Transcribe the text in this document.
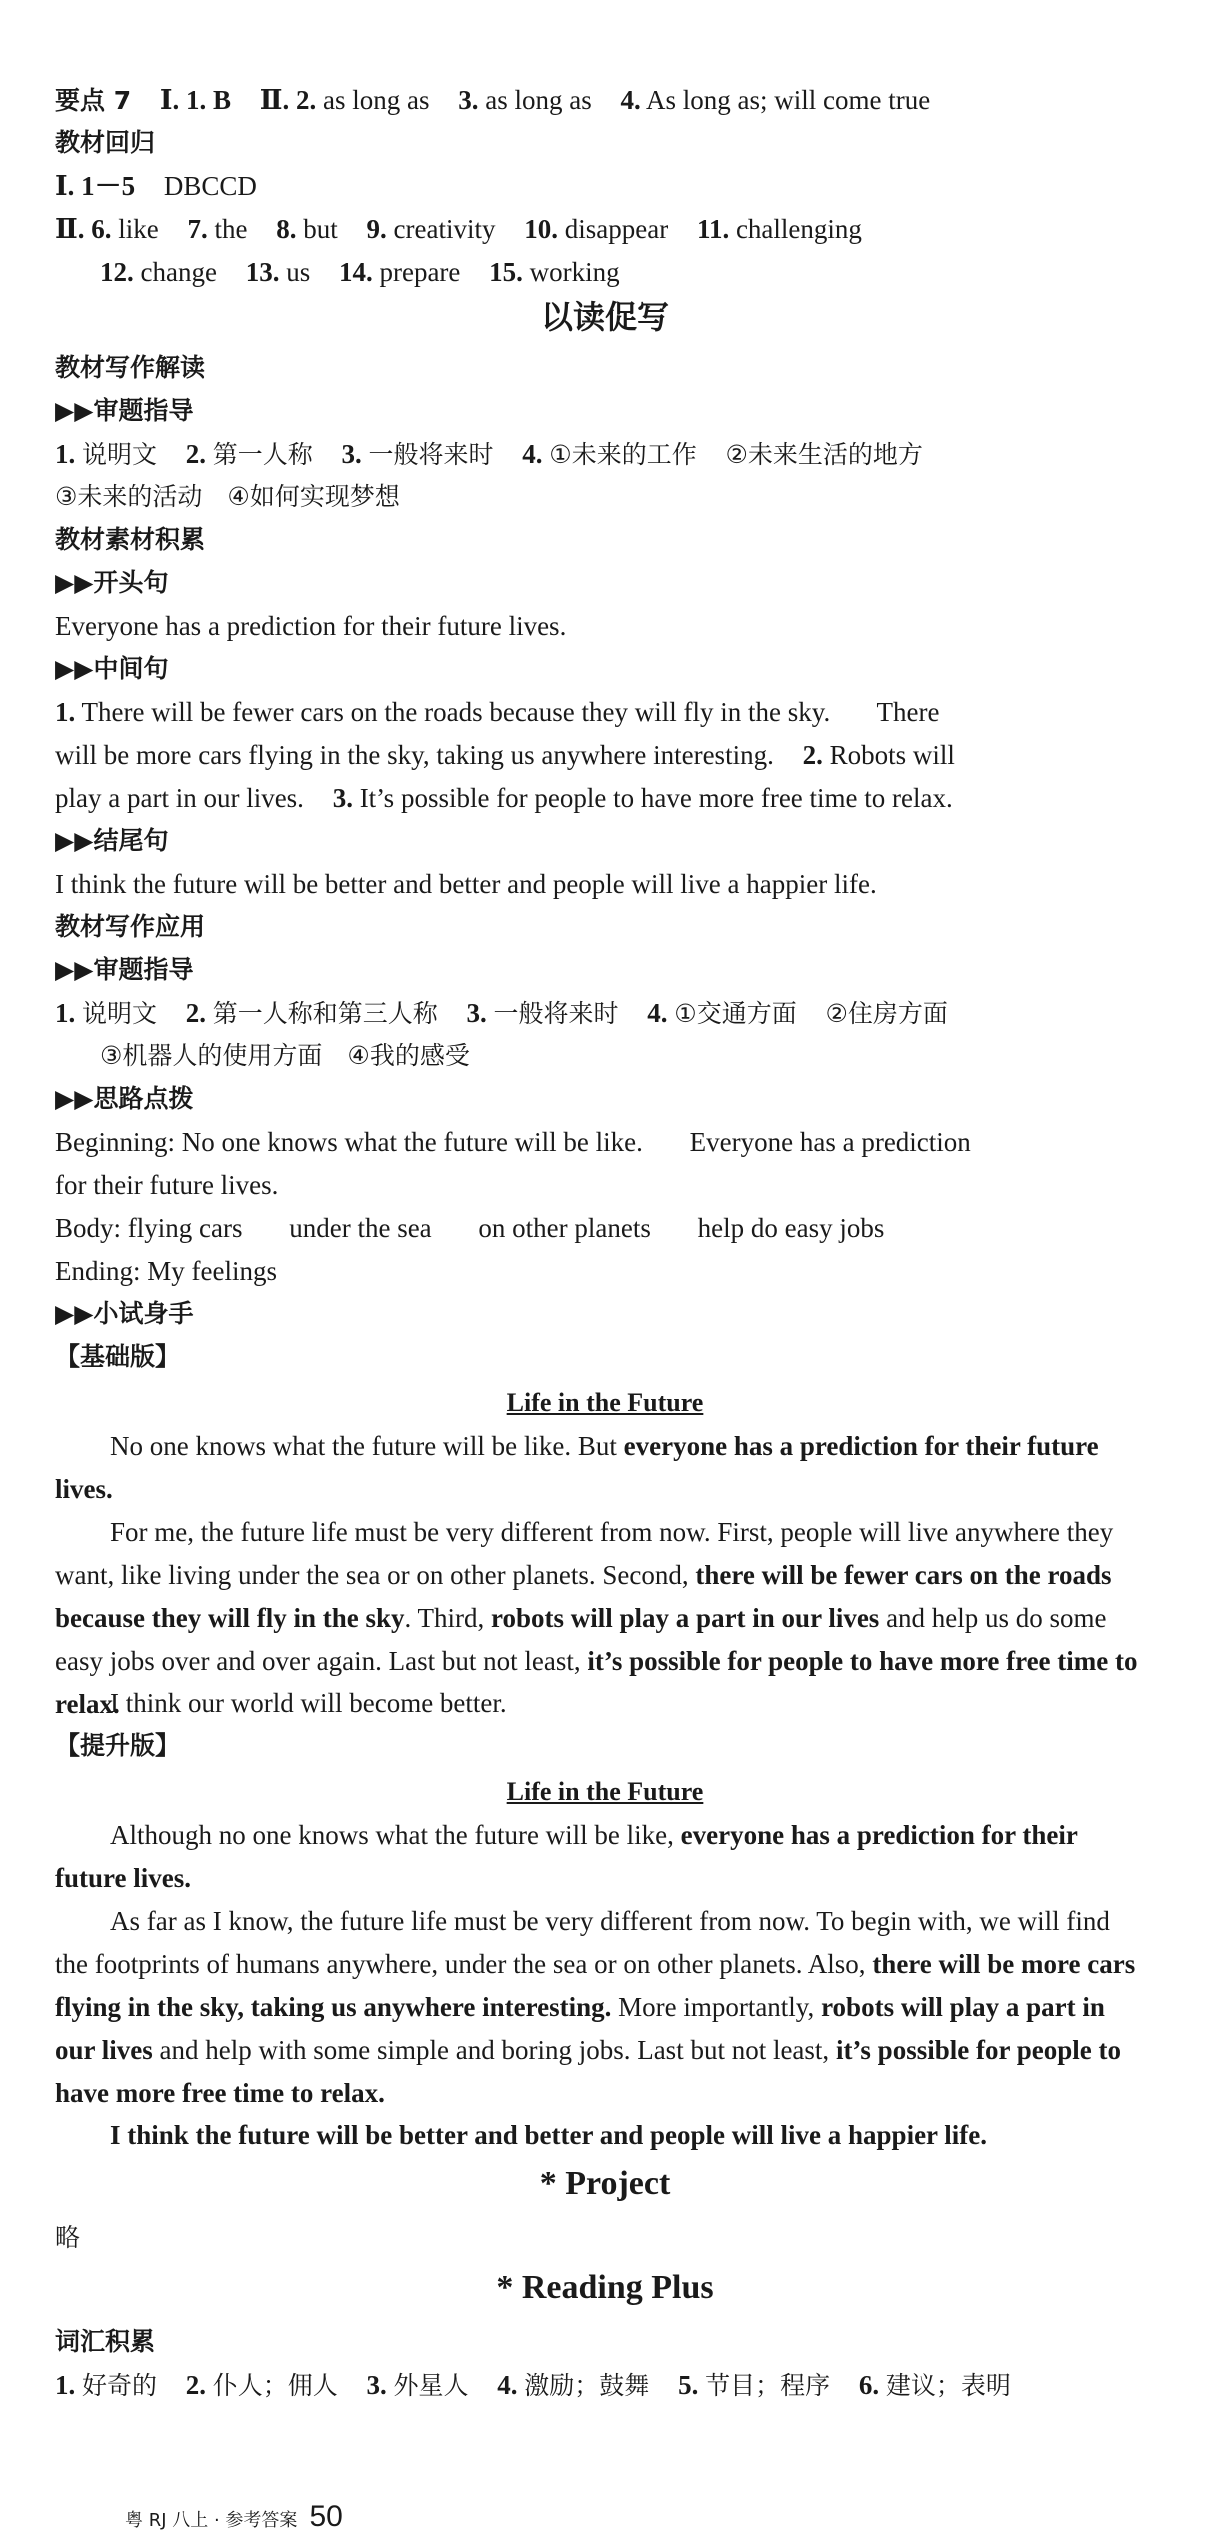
要点 7 Ⅰ. 1. B Ⅱ. 2. as long as 3. as long as 4. As long as; will come true
教材回归
Ⅰ. 1－5 DBCCD
Ⅱ. 6. like 7. the 8. but 9. creativity 10. disappear 11. challenging
12. change 13. us 14. prepare 15. working
以读促写
教材写作解读
▶▶审题指导
1. 说明文 2. 第一人称 3. 一般将来时 4. ①未来的工作 ②未来生活的地方
③未来的活动　④如何实现梦想
教材素材积累
▶▶开头句
Everyone has a prediction for their future lives.
▶▶中间句
1. There will be fewer cars on the roads because they will fly in the sky. There
will be more cars flying in the sky, taking us anywhere interesting. 2. Robots will
play a part in our lives. 3. It’s possible for people to have more free time to relax.
▶▶结尾句
I think the future will be better and better and people will live a happier life.
教材写作应用
▶▶审题指导
1. 说明文 2. 第一人称和第三人称 3. 一般将来时 4. ①交通方面 ②住房方面
③机器人的使用方面　④我的感受
▶▶思路点拨
Beginning: No one knows what the future will be like. Everyone has a prediction
for their future lives.
Body: flying cars under the sea on other planets help do easy jobs
Ending: My feelings
▶▶小试身手
【基础版】
Life in the Future
No one knows what the future will be like. But everyone has a prediction for their future lives.
For me, the future life must be very different from now. First, people will live anywhere they want, like living under the sea or on other planets. Second, there will be fewer cars on the roads because they will fly in the sky. Third, robots will play a part in our lives and help us do some easy jobs over and over again. Last but not least, it’s possible for people to have more free time to relax.
I think our world will become better.
【提升版】
Life in the Future
Although no one knows what the future will be like, everyone has a prediction for their future lives.
As far as I know, the future life must be very different from now. To begin with, we will find the footprints of humans anywhere, under the sea or on other planets. Also, there will be more cars flying in the sky, taking us anywhere interesting. More importantly, robots will play a part in our lives and help with some simple and boring jobs. Last but not least, it’s possible for people to have more free time to relax.
I think the future will be better and better and people will live a happier life.
* Project
略
* Reading Plus
词汇积累
1. 好奇的 2. 仆人；佣人 3. 外星人 4. 激励；鼓舞 5. 节目；程序 6. 建议；表明
粤 RJ 八上 · 参考答案 50
